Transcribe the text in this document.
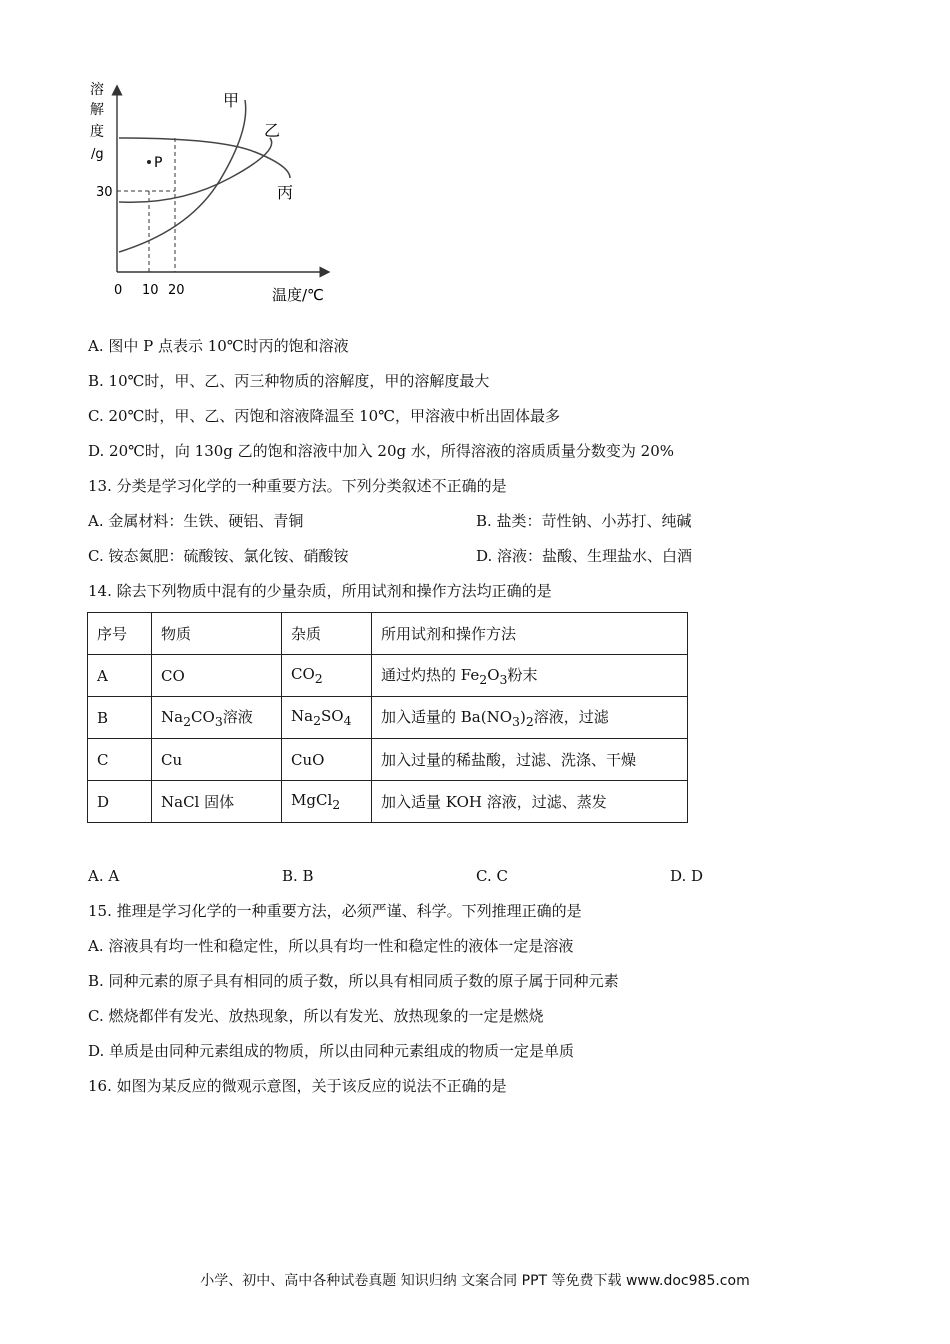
溶
解
度
/g
30
0 10 20	温度/℃
甲
乙
丙
P
A. 图中 P 点表示 10℃时丙的饱和溶液
B. 10℃时，甲、乙、丙三种物质的溶解度，甲的溶解度最大
C. 20℃时，甲、乙、丙饱和溶液降温至 10℃，甲溶液中析出固体最多
D. 20℃时，向 130g 乙的饱和溶液中加入 20g 水，所得溶液的溶质质量分数变为 20%
13. 分类是学习化学的一种重要方法。下列分类叙述不正确的是
A. 金属材料：生铁、硬铝、青铜	B. 盐类：苛性钠、小苏打、纯碱
C. 铵态氮肥：硫酸铵、氯化铵、硝酸铵	D. 溶液：盐酸、生理盐水、白酒
14. 除去下列物质中混有的少量杂质，所用试剂和操作方法均正确的是
序号	物质	杂质	所用试剂和操作方法
A	CO	$CO_2$	通过灼热的 $Fe_2O_3$粉末
B	$Na_2CO_3$溶液	$Na_2SO_4$	加入适量的 $Ba(NO_3)_2$溶液，过滤
C	Cu	CuO	加入过量的稀盐酸，过滤、洗涤、干燥
D	NaCl 固体	MgCl$_2$	加入适量 KOH 溶液，过滤、蒸发
A. A	B. B	C. C	D. D
15. 推理是学习化学的一种重要方法，必须严谨、科学。下列推理正确的是
A. 溶液具有均一性和稳定性，所以具有均一性和稳定性的液体一定是溶液
B. 同种元素的原子具有相同的质子数，所以具有相同质子数的原子属于同种元素
C. 燃烧都伴有发光、放热现象，所以有发光、放热现象的一定是燃烧
D. 单质是由同种元素组成的物质，所以由同种元素组成的物质一定是单质
16. 如图为某反应的微观示意图，关于该反应的说法不正确的是
小学、初中、高中各种试卷真题 知识归纳 文案合同 PPT 等免费下载 www.doc985.com
